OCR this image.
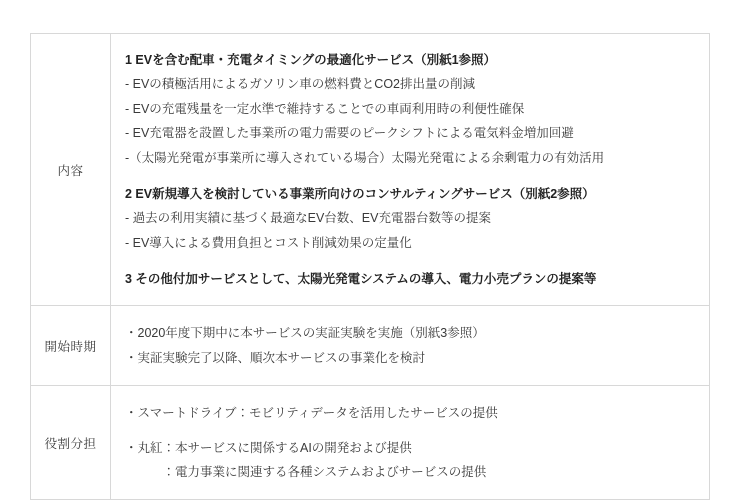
内容
1 EVを含む配車・充電タイミングの最適化サービス（別紙1参照）
- EVの積極活用によるガソリン車の燃料費とCO2排出量の削減
- EVの充電残量を一定水準で維持することでの車両利用時の利便性確保
- EV充電器を設置した事業所の電力需要のピークシフトによる電気料金増加回避
-（太陽光発電が事業所に導入されている場合）太陽光発電による余剰電力の有効活用
2 EV新規導入を検討している事業所向けのコンサルティングサービス（別紙2参照）
- 過去の利用実績に基づく最適なEV台数、EV充電器台数等の提案
- EV導入による費用負担とコスト削減効果の定量化
3 その他付加サービスとして、太陽光発電システムの導入、電力小売プランの提案等
開始時期
・2020年度下期中に本サービスの実証実験を実施（別紙3参照）
・実証実験完了以降、順次本サービスの事業化を検討
役割分担
・スマートドライブ：モビリティデータを活用したサービスの提供
・丸紅：本サービスに関係するAIの開発および提供
　　　：電力事業に関連する各種システムおよびサービスの提供
